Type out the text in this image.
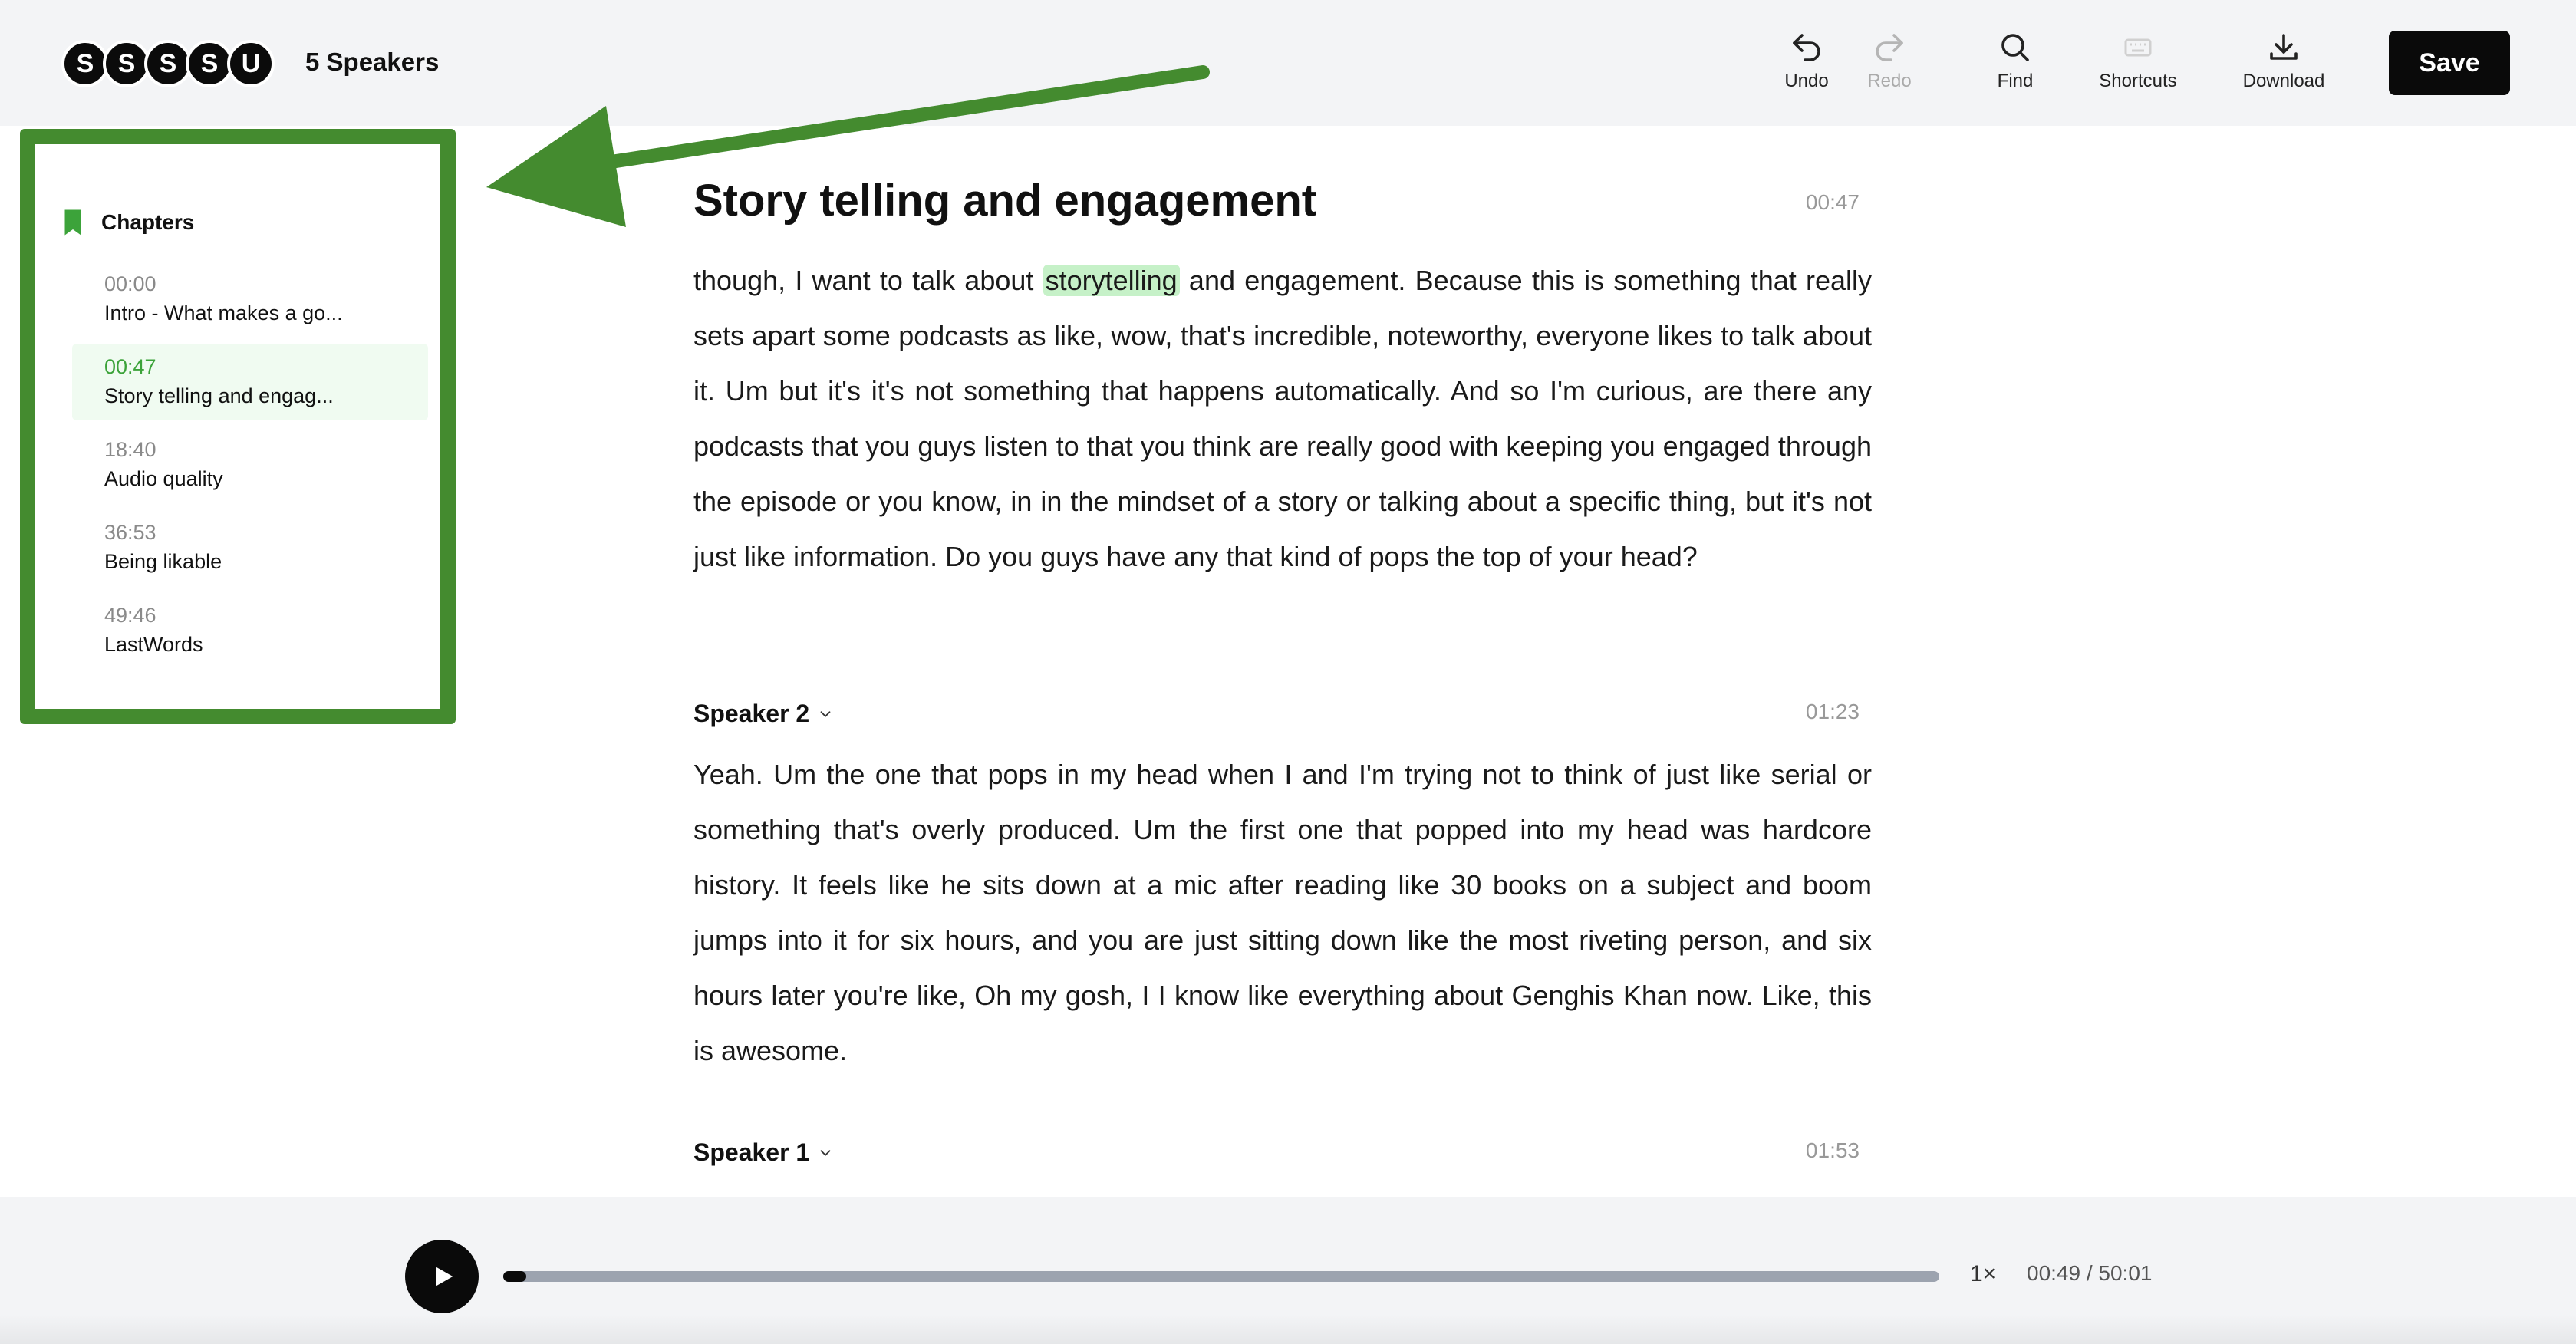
S S S S U	5 Speakers
Undo Redo	Find	Shortcuts	Download
Save
Chapters
00:00
Intro - What makes a go...
00:47
Story telling and engag...
18:40
Audio quality
36:53
Being likable
49:46
LastWords
Story telling and engagement	00:47
though, I want to talk about storytelling and engagement. Because this is something that really sets apart some podcasts as like, wow, that's incredible, noteworthy, everyone likes to talk about it. Um but it's it's not something that happens automatically. And so I'm curious, are there any podcasts that you guys listen to that you think are really good with keeping you engaged through the episode or you know, in in the mindset of a story or talking about a specific thing, but it's not just like information. Do you guys have any that kind of pops the top of your head?
Speaker 2	01:23
Yeah. Um the one that pops in my head when I and I'm trying not to think of just like serial or something that's overly produced. Um the first one that popped into my head was hardcore history. It feels like he sits down at a mic after reading like 30 books on a subject and boom jumps into it for six hours, and you are just sitting down like the most riveting person, and six hours later you're like, Oh my gosh, I I know like everything about Genghis Khan now. Like, this is awesome.
Speaker 1	01:53
1× 00:49 / 50:01
